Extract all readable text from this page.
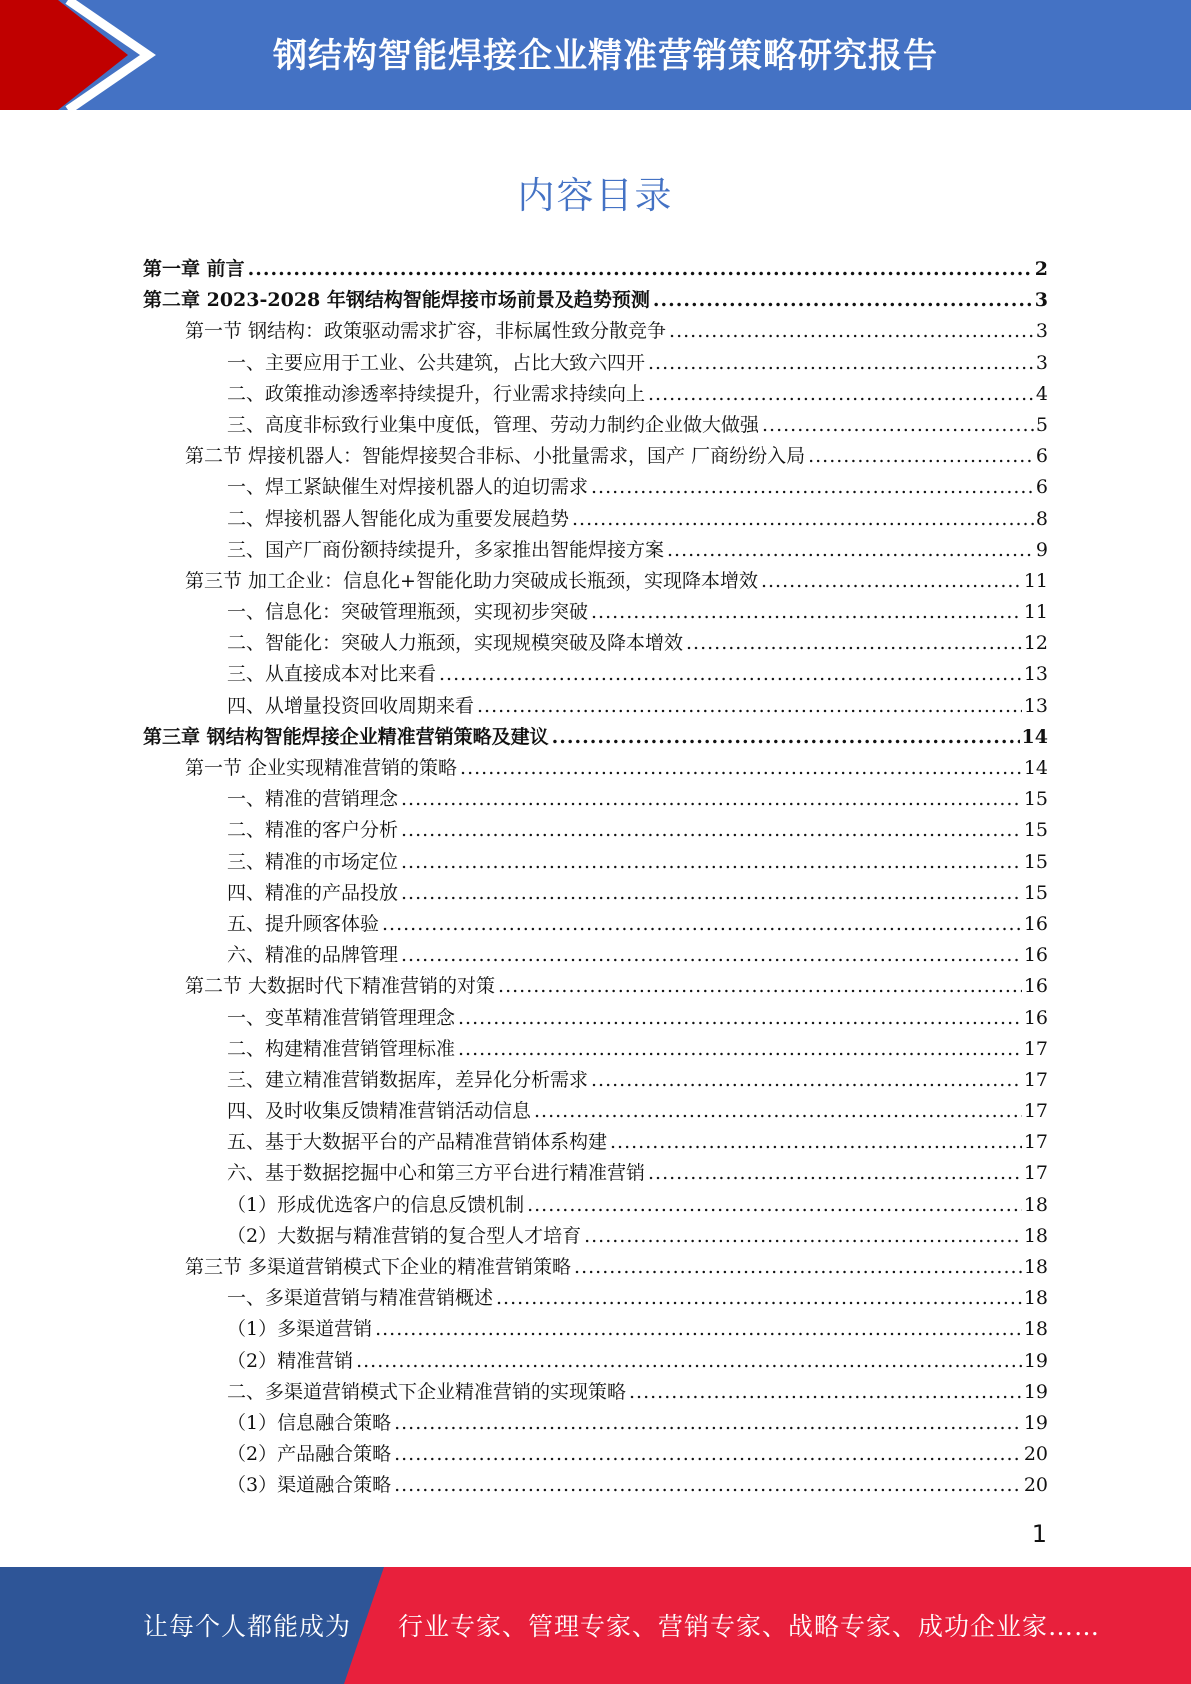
钢结构智能焊接企业精准营销策略研究报告
内容目录
第一章 前言 .....	2
第二章 2023-2028 年钢结构智能焊接市场前景及趋势预测 .....	3
第一节 钢结构：政策驱动需求扩容，非标属性致分散竞争 .....	3
一、主要应用于工业、公共建筑，占比大致六四开 .....	3
二、政策推动渗透率持续提升，行业需求持续向上 .....	4
三、高度非标致行业集中度低，管理、劳动力制约企业做大做强 .....	5
第二节 焊接机器人：智能焊接契合非标、小批量需求，国产 厂商纷纷入局 .....	6
一、焊工紧缺催生对焊接机器人的迫切需求 .....	6
二、焊接机器人智能化成为重要发展趋势 .....	8
三、国产厂商份额持续提升，多家推出智能焊接方案 .....	9
第三节 加工企业：信息化+智能化助力突破成长瓶颈，实现降本增效 .....	11
一、信息化：突破管理瓶颈，实现初步突破 .....	11
二、智能化：突破人力瓶颈，实现规模突破及降本增效 .....	12
三、从直接成本对比来看 .....	13
四、从增量投资回收周期来看 .....	13
第三章 钢结构智能焊接企业精准营销策略及建议 .....	14
第一节 企业实现精准营销的策略 .....	14
一、精准的营销理念 .....	15
二、精准的客户分析 .....	15
三、精准的市场定位 .....	15
四、精准的产品投放 .....	15
五、提升顾客体验 .....	16
六、精准的品牌管理 .....	16
第二节 大数据时代下精准营销的对策 .....	16
一、变革精准营销管理理念 .....	16
二、构建精准营销管理标准 .....	17
三、建立精准营销数据库，差异化分析需求 .....	17
四、及时收集反馈精准营销活动信息 .....	17
五、基于大数据平台的产品精准营销体系构建 .....	17
六、基于数据挖掘中心和第三方平台进行精准营销 .....	17
（1）形成优选客户的信息反馈机制 .....	18
（2）大数据与精准营销的复合型人才培育 .....	18
第三节 多渠道营销模式下企业的精准营销策略 .....	18
一、多渠道营销与精准营销概述 .....	18
（1）多渠道营销 .....	18
（2）精准营销 .....	19
二、多渠道营销模式下企业精准营销的实现策略 .....	19
（1）信息融合策略 .....	19
（2）产品融合策略 .....	20
（3）渠道融合策略 .....	20
1
让每个人都能成为 行业专家、管理专家、营销专家、战略专家、成功企业家……
